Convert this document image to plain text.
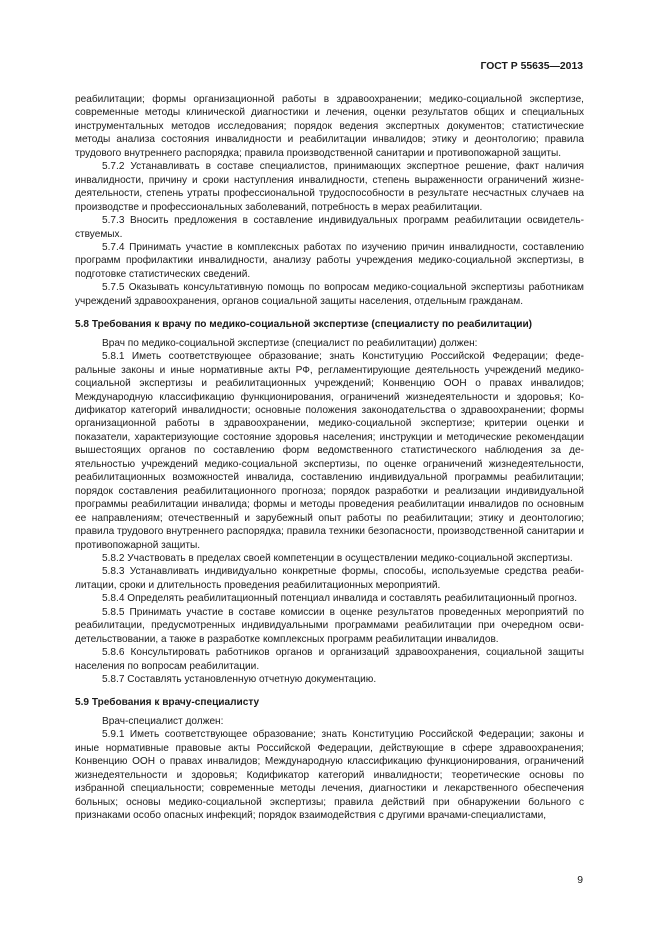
ГОСТ Р 55635—2013

реабилитации; формы организационной работы в здравоохранении; медико-социальной экспертизе, современные методы клинической диагностики и лечения, оценки результатов общих и специальных инструментальных методов исследования; порядок ведения экспертных документов; статистические методы анализа состояния инвалидности и реабилитации инвалидов; этику и деонтологию; правила трудового внутреннего распорядка; правила производственной санитарии и противопожарной защиты.

5.7.2 Устанавливать в составе специалистов, принимающих экспертное решение, факт наличия инвалидности, причину и сроки наступления инвалидности, степень выраженности ограничений жизнедеятельности, степень утраты профессиональной трудоспособности в результате несчастных случаев на производстве и профессиональных заболеваний, потребность в мерах реабилитации.

5.7.3 Вносить предложения в составление индивидуальных программ реабилитации освидетельствуемых.

5.7.4 Принимать участие в комплексных работах по изучению причин инвалидности, составлению программ профилактики инвалидности, анализу работы учреждения медико-социальной экспертизы, в подготовке статистических сведений.

5.7.5 Оказывать консультативную помощь по вопросам медико-социальной экспертизы работникам учреждений здравоохранения, органов социальной защиты населения, отдельным гражданам.

5.8 Требования к врачу по медико-социальной экспертизе (специалисту по реабилитации)

Врач по медико-социальной экспертизе (специалист по реабилитации) должен:

5.8.1 Иметь соответствующее образование; знать Конституцию Российской Федерации; федеральные законы и иные нормативные акты РФ, регламентирующие деятельность учреждений медико-социальной экспертизы и реабилитационных учреждений; Конвенцию ООН о правах инвалидов; Международную классификацию функционирования, ограничений жизнедеятельности и здоровья; Кодификатор категорий инвалидности; основные положения законодательства о здравоохранении; формы организационной работы в здравоохранении, медико-социальной экспертизе; критерии оценки и показатели, характеризующие состояние здоровья населения; инструкции и методические рекомендации вышестоящих органов по составлению форм ведомственного статистического наблюдения за деятельностью учреждений медико-социальной экспертизы, по оценке ограничений жизнедеятельности, реабилитационных возможностей инвалида, составлению индивидуальной программы реабилитации; порядок составления реабилитационного прогноза; порядок разработки и реализации индивидуальной программы реабилитации инвалида; формы и методы проведения реабилитации инвалидов по основным ее направлениям; отечественный и зарубежный опыт работы по реабилитации; этику и деонтологию; правила трудового внутреннего распорядка; правила техники безопасности, производственной санитарии и противопожарной защиты.

5.8.2 Участвовать в пределах своей компетенции в осуществлении медико-социальной экспертизы.

5.8.3 Устанавливать индивидуально конкретные формы, способы, используемые средства реабилитации, сроки и длительность проведения реабилитационных мероприятий.

5.8.4 Определять реабилитационный потенциал инвалида и составлять реабилитационный прогноз.

5.8.5 Принимать участие в составе комиссии в оценке результатов проведенных мероприятий по реабилитации, предусмотренных индивидуальными программами реабилитации при очередном освидетельствовании, а также в разработке комплексных программ реабилитации инвалидов.

5.8.6 Консультировать работников органов и организаций здравоохранения, социальной защиты населения по вопросам реабилитации.

5.8.7 Составлять установленную отчетную документацию.

5.9 Требования к врачу-специалисту

Врач-специалист должен:

5.9.1 Иметь соответствующее образование; знать Конституцию Российской Федерации; законы и иные нормативные правовые акты Российской Федерации, действующие в сфере здравоохранения; Конвенцию ООН о правах инвалидов; Международную классификацию функционирования, ограничений жизнедеятельности и здоровья; Кодификатор категорий инвалидности; теоретические основы по избранной специальности; современные методы лечения, диагностики и лекарственного обеспечения больных; основы медико-социальной экспертизы; правила действий при обнаружении больного с признаками особо опасных инфекций; порядок взаимодействия с другими врачами-специалистами,

9
